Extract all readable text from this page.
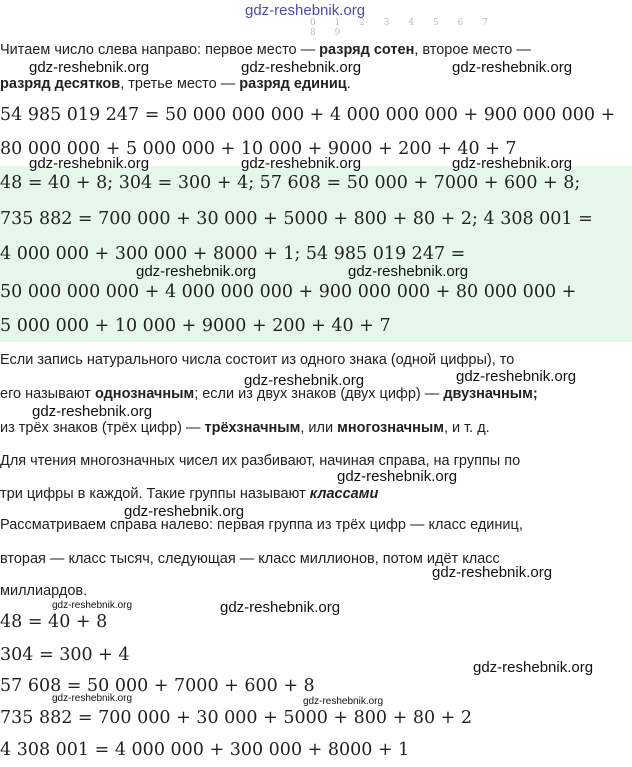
gdz-reshebnik.org
0 1 2 3 4 5 6 7 8 9
Читаем число слева направо: первое место — разряд сотен, второе место —
разряд десятков, третье место — разряд единиц.
gdz-reshebnik.org	gdz-reshebnik.org	gdz-reshebnik.org
54 985 019 247 = 50 000 000 000 + 4 000 000 000 + 900 000 000 +
80 000 000 + 5 000 000 + 10 000 + 9000 + 200 + 40 + 7
gdz-reshebnik.org	gdz-reshebnik.org	gdz-reshebnik.org
48 = 40 + 8; 304 = 300 + 4; 57 608 = 50 000 + 7000 + 600 + 8;
735 882 = 700 000 + 30 000 + 5000 + 800 + 80 + 2; 4 308 001 =
4 000 000 + 300 000 + 8000 + 1; 54 985 019 247 =
gdz-reshebnik.org	gdz-reshebnik.org
50 000 000 000 + 4 000 000 000 + 900 000 000 + 80 000 000 +
5 000 000 + 10 000 + 9000 + 200 + 40 + 7
Если запись натурального числа состоит из одного знака (одной цифры), то
gdz-reshebnik.org	gdz-reshebnik.org
его называют однозначным; если из двух знаков (двух цифр) — двузначным;
gdz-reshebnik.org
из трёх знаков (трёх цифр) — трёхзначным, или многозначным, и т. д.
Для чтения многозначных чисел их разбивают, начиная справа, на группы по
gdz-reshebnik.org
три цифры в каждой. Такие группы называют классами
gdz-reshebnik.org
Рассматриваем справа налево: первая группа из трёх цифр — класс единиц,
вторая — класс тысяч, следующая — класс миллионов, потом идёт класс
gdz-reshebnik.org
миллиардов.
gdz-reshebnik.org	gdz-reshebnik.org
48 = 40 + 8
304 = 300 + 4
gdz-reshebnik.org
57 608 = 50 000 + 7000 + 600 + 8
gdz-reshebnik.org	gdz-reshebnik.org
735 882 = 700 000 + 30 000 + 5000 + 800 + 80 + 2
4 308 001 = 4 000 000 + 300 000 + 8000 + 1
